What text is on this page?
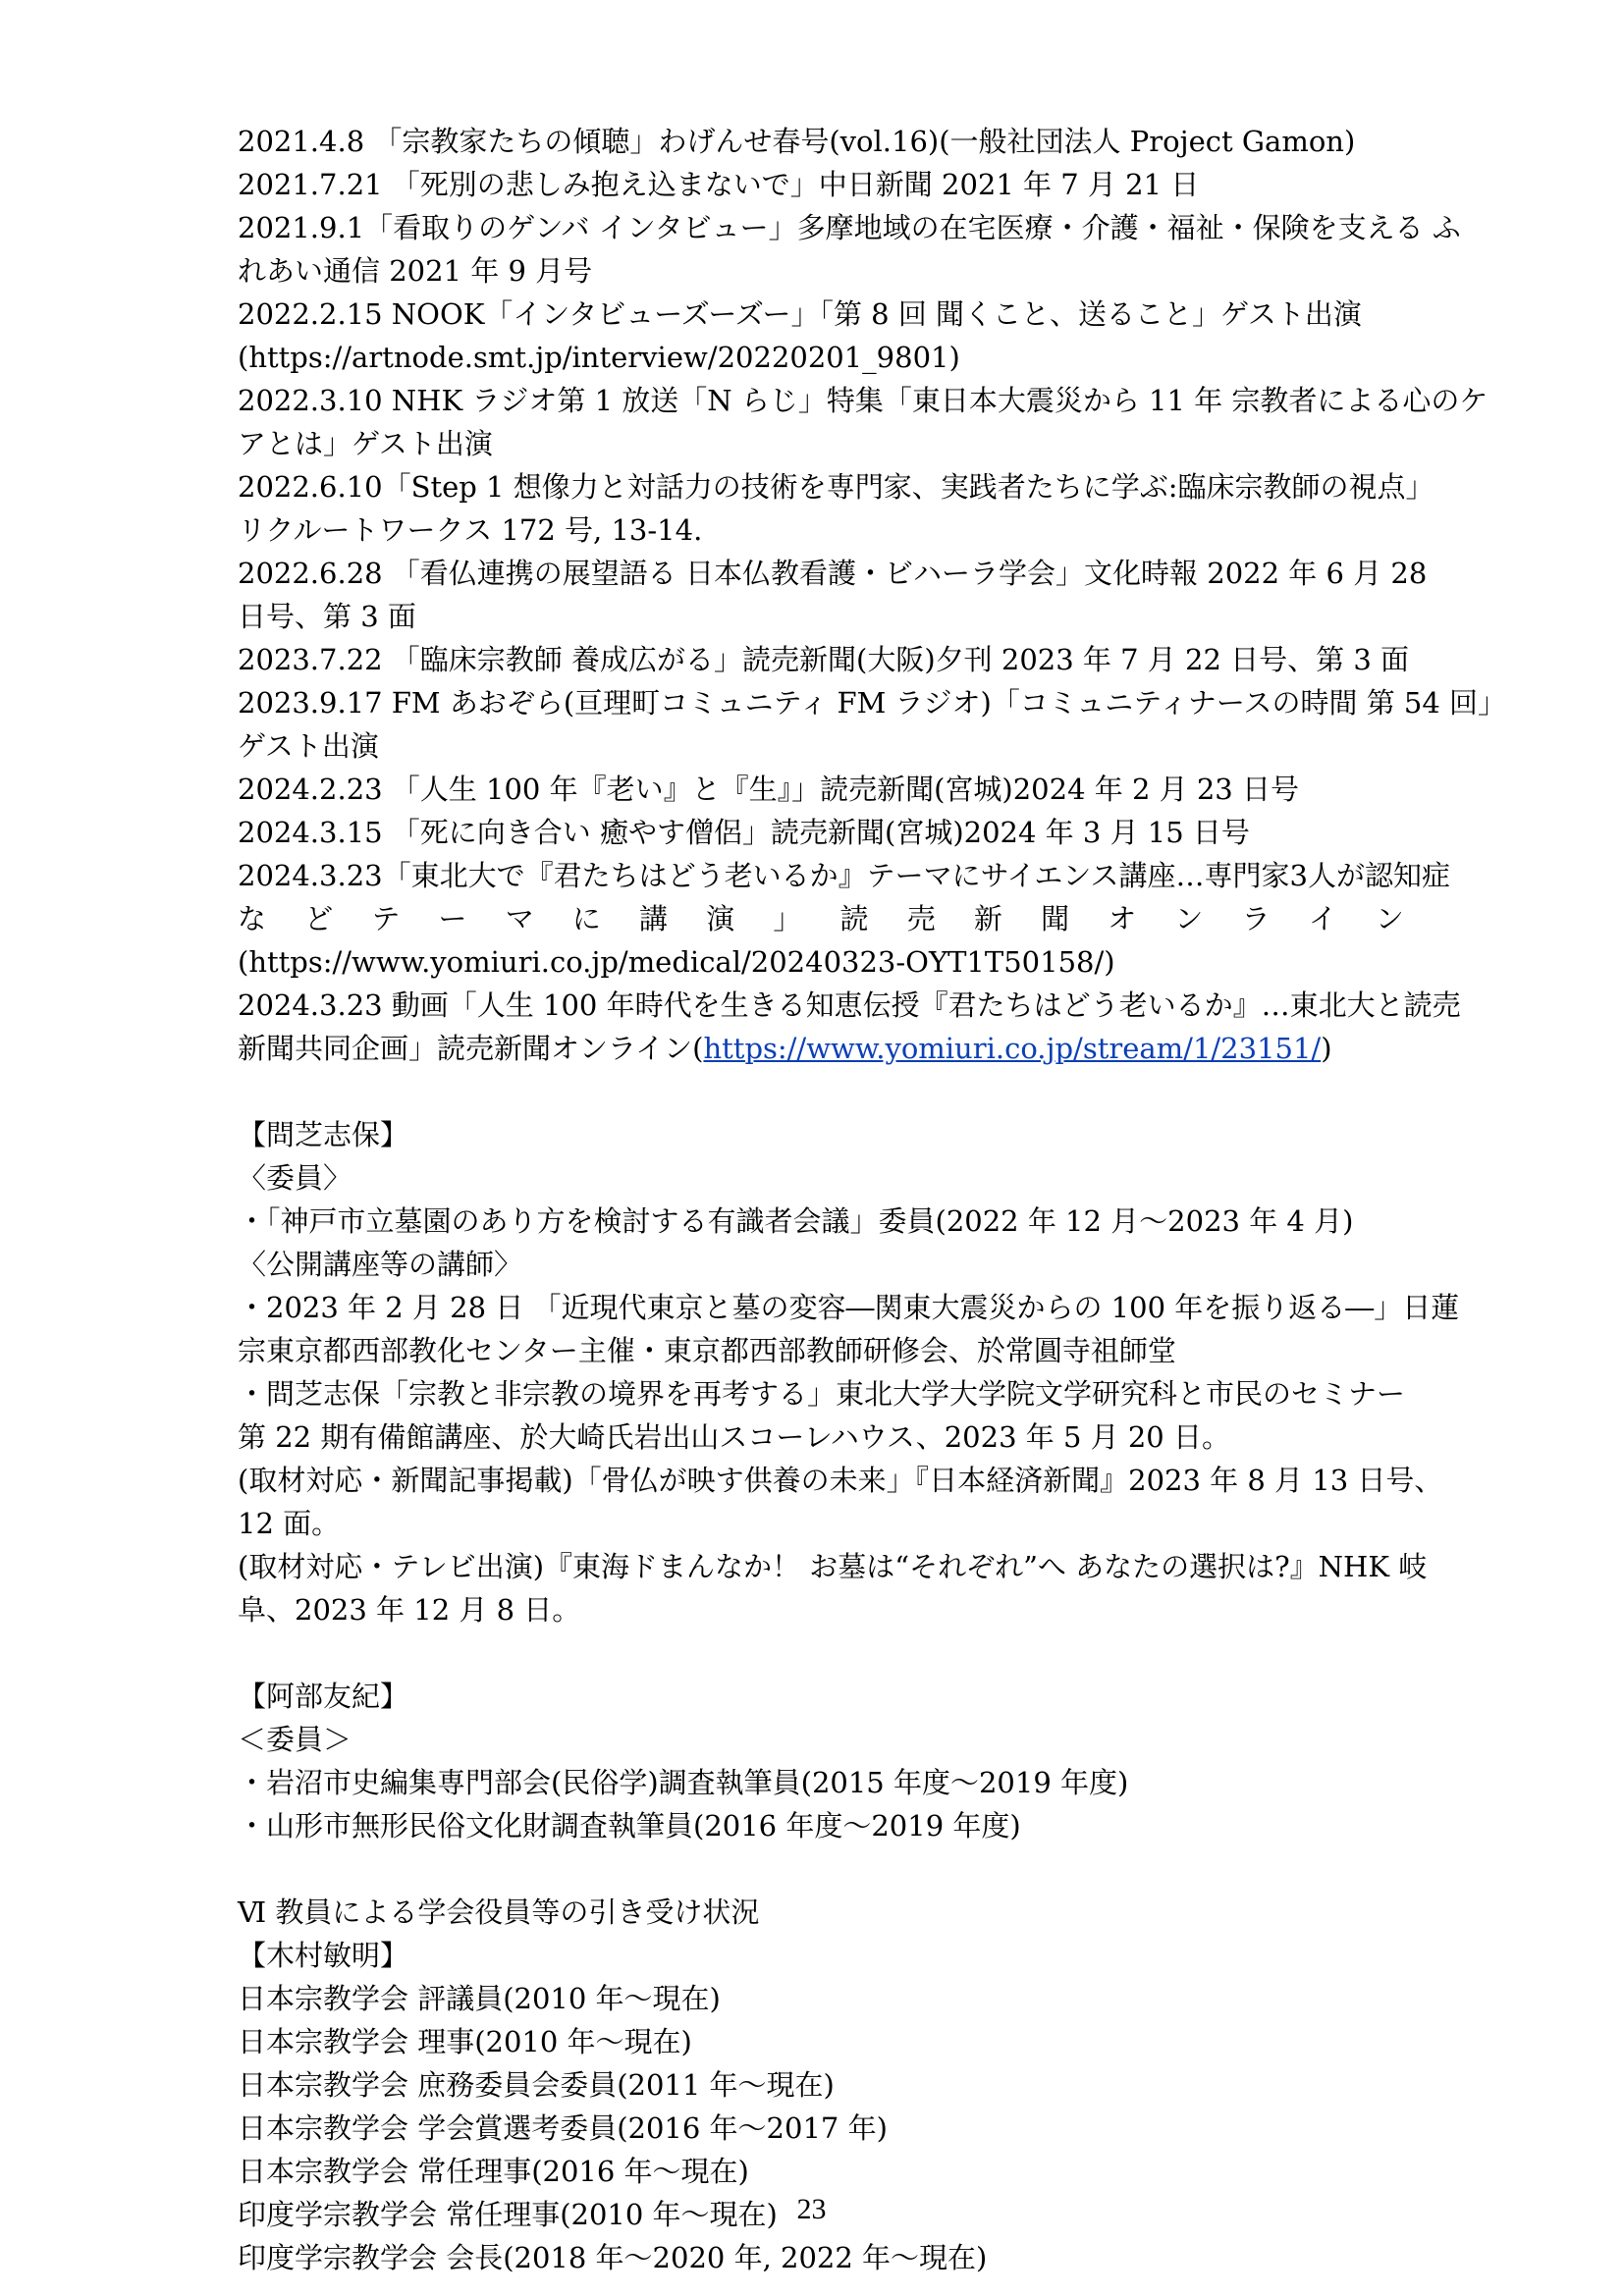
2021.4.8 「宗教家たちの傾聴」わげんせ春号(vol.16)(一般社団法人 Project Gamon)
2021.7.21 「死別の悲しみ抱え込まないで」中日新聞 2021 年 7 月 21 日
2021.9.1「看取りのゲンバ インタビュー」多摩地域の在宅医療・介護・福祉・保険を支える ふ
れあい通信 2021 年 9 月号
2022.2.15 NOOK「インタビューズーズー」「第 8 回 聞くこと、送ること」ゲスト出演
(https://artnode.smt.jp/interview/20220201_9801)
2022.3.10 NHK ラジオ第 1 放送「N らじ」特集「東日本大震災から 11 年 宗教者による心のケ
アとは」ゲスト出演
2022.6.10「Step 1 想像力と対話力の技術を専門家、実践者たちに学ぶ:臨床宗教師の視点」
リクルートワークス 172 号, 13-14.
2022.6.28 「看仏連携の展望語る 日本仏教看護・ビハーラ学会」文化時報 2022 年 6 月 28
日号、第 3 面
2023.7.22 「臨床宗教師 養成広がる」読売新聞(大阪)夕刊 2023 年 7 月 22 日号、第 3 面
2023.9.17 FM あおぞら(亘理町コミュニティ FM ラジオ)「コミュニティナースの時間 第 54 回」
ゲスト出演
2024.2.23 「人生 100 年『老い』と『生』」読売新聞(宮城)2024 年 2 月 23 日号
2024.3.15 「死に向き合い 癒やす僧侶」読売新聞(宮城)2024 年 3 月 15 日号
2024.3.23「東北大で『君たちはどう老いるか』テーマにサイエンス講座…専門家3人が認知症
な ど テ ー マ に 講 演 」 読 売 新 聞 オ ン ラ イ ン
(https://www.yomiuri.co.jp/medical/20240323-OYT1T50158/)
2024.3.23 動画「人生 100 年時代を生きる知恵伝授『君たちはどう老いるか』…東北大と読売
新聞共同企画」読売新聞オンライン(https://www.yomiuri.co.jp/stream/1/23151/)
【問芝志保】
〈委員〉
・「神戸市立墓園のあり方を検討する有識者会議」委員(2022 年 12 月～2023 年 4 月)
〈公開講座等の講師〉
・2023 年 2 月 28 日 「近現代東京と墓の変容―関東大震災からの 100 年を振り返る―」日蓮
宗東京都西部教化センター主催・東京都西部教師研修会、於常圓寺祖師堂
・問芝志保「宗教と非宗教の境界を再考する」東北大学大学院文学研究科と市民のセミナー
第 22 期有備館講座、於大崎氏岩出山スコーレハウス、2023 年 5 月 20 日。
(取材対応・新聞記事掲載)「骨仏が映す供養の未来」『日本経済新聞』2023 年 8 月 13 日号、
12 面。
(取材対応・テレビ出演)『東海ドまんなか！ お墓は“それぞれ”へ あなたの選択は?』NHK 岐
阜、2023 年 12 月 8 日。
【阿部友紀】
＜委員＞
・岩沼市史編集専門部会(民俗学)調査執筆員(2015 年度～2019 年度)
・山形市無形民俗文化財調査執筆員(2016 年度～2019 年度)
Ⅵ 教員による学会役員等の引き受け状況
【木村敏明】
日本宗教学会 評議員(2010 年～現在)
日本宗教学会 理事(2010 年～現在)
日本宗教学会 庶務委員会委員(2011 年～現在)
日本宗教学会 学会賞選考委員(2016 年～2017 年)
日本宗教学会 常任理事(2016 年～現在)
印度学宗教学会 常任理事(2010 年～現在)
印度学宗教学会 会長(2018 年～2020 年, 2022 年～現在)
23
